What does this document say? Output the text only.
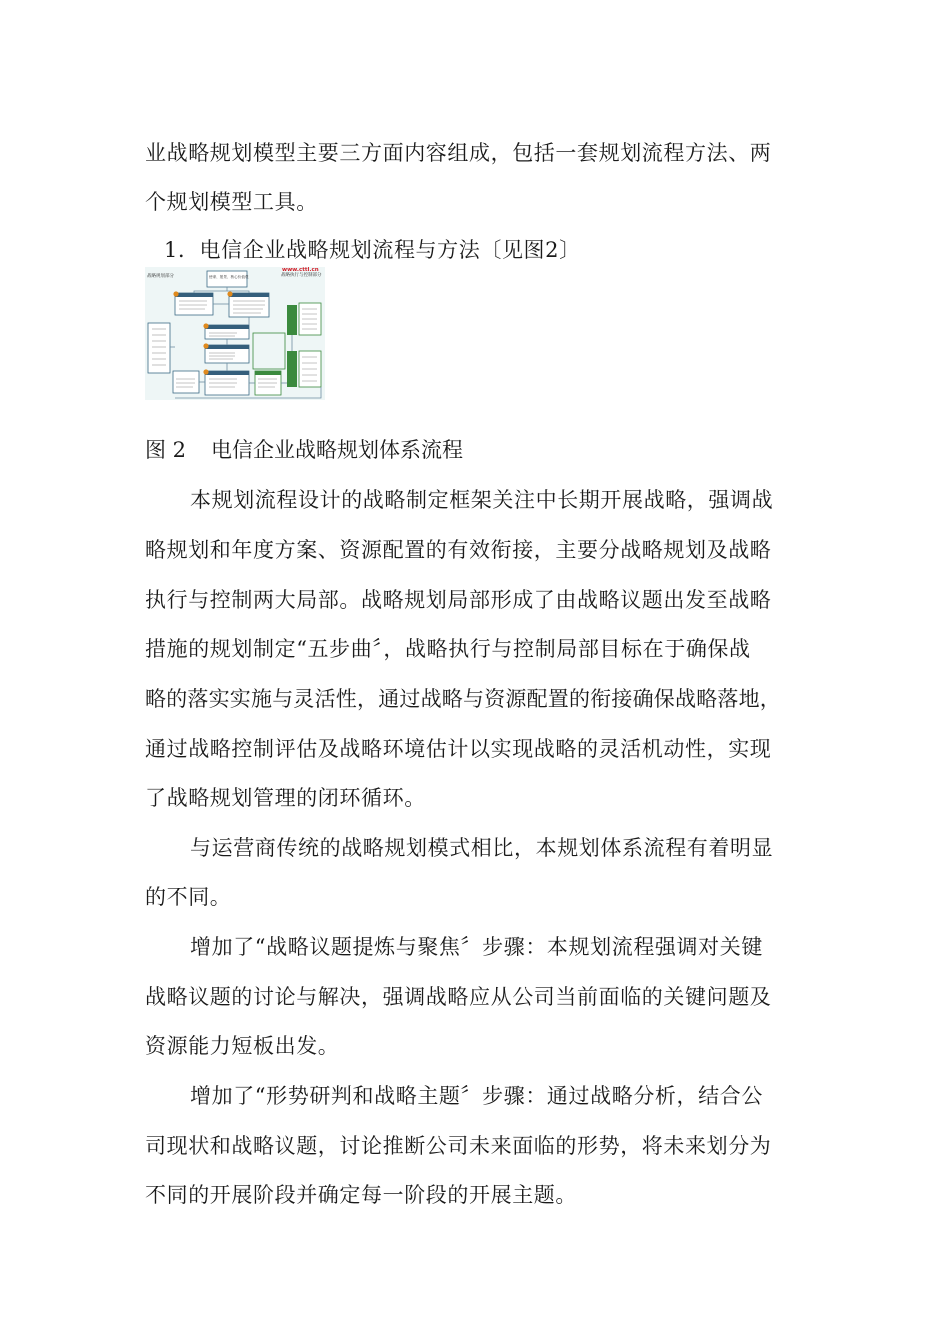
业战略规划模型主要三方面内容组成，包括一套规划流程方法、两
个规划模型工具。
1．电信企业战略规划流程与方法〔见图2〕
战略规划部分	战略执行与控制部分
www.cttl.cn
使命、愿景、核心价值观
图 2 电信企业战略规划体系流程
本规划流程设计的战略制定框架关注中长期开展战略，强调战
略规划和年度方案、资源配置的有效衔接，主要分战略规划及战略
执行与控制两大局部。战略规划局部形成了由战略议题出发至战略
措施的规划制定“五步曲〞，战略执行与控制局部目标在于确保战
略的落实实施与灵活性，通过战略与资源配置的衔接确保战略落地，
通过战略控制评估及战略环境估计以实现战略的灵活机动性，实现
了战略规划管理的闭环循环。
与运营商传统的战略规划模式相比，本规划体系流程有着明显
的不同。
增加了“战略议题提炼与聚焦〞步骤：本规划流程强调对关键
战略议题的讨论与解决，强调战略应从公司当前面临的关键问题及
资源能力短板出发。
增加了“形势研判和战略主题〞步骤：通过战略分析，结合公
司现状和战略议题，讨论推断公司未来面临的形势，将未来划分为
不同的开展阶段并确定每一阶段的开展主题。
